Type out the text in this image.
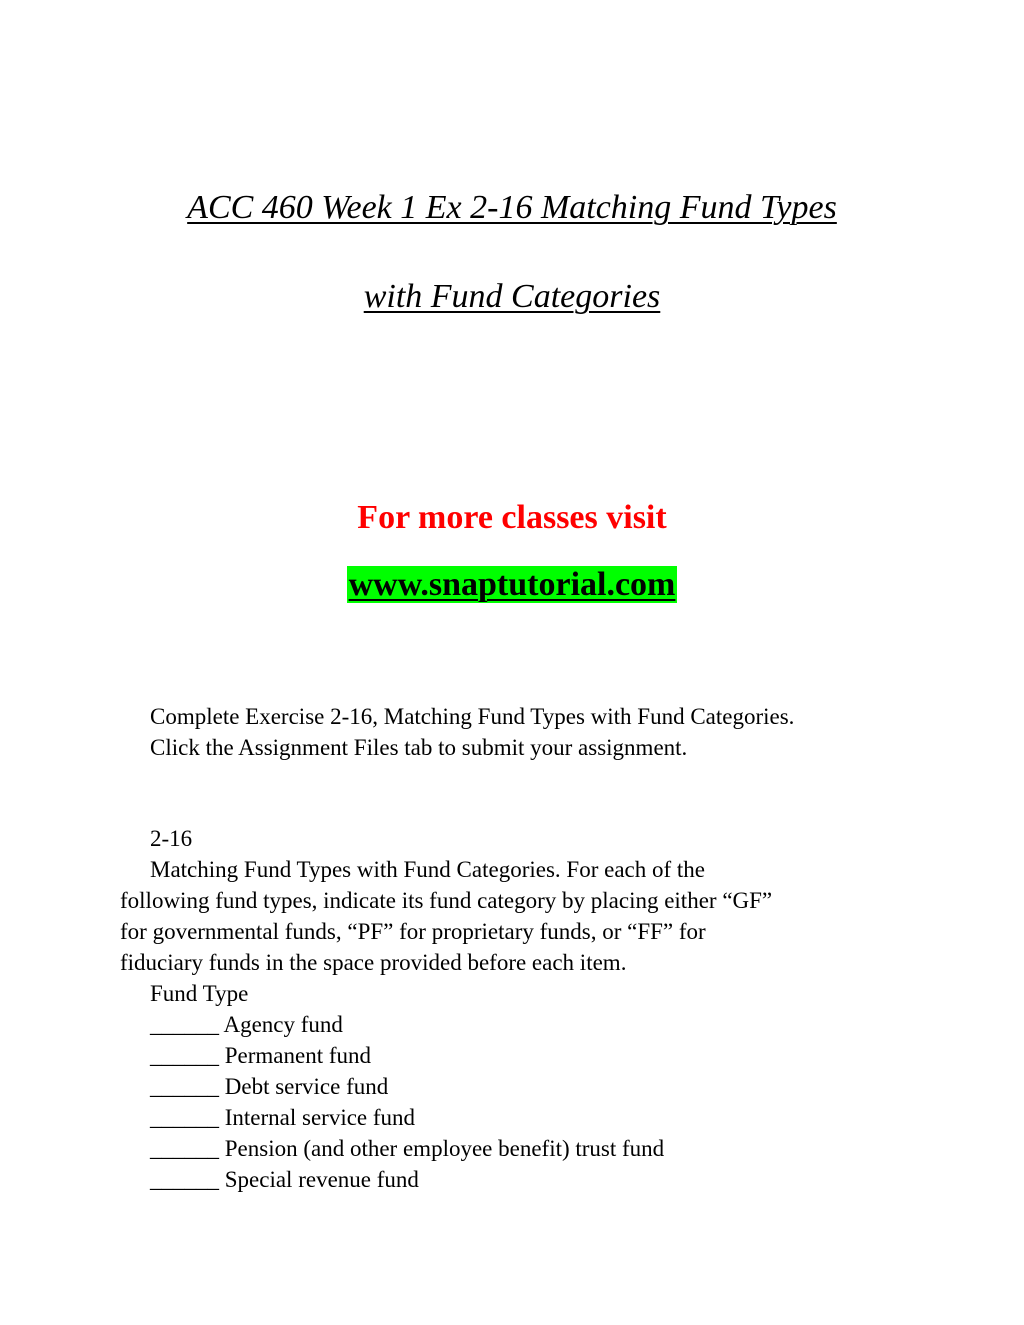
ACC 460 Week 1 Ex 2-16 Matching Fund Types
with Fund Categories
For more classes visit
www.snaptutorial.com
Complete Exercise 2-16, Matching Fund Types with Fund Categories.
Click the Assignment Files tab to submit your assignment.
2-16
Matching Fund Types with Fund Categories. For each of the
following fund types, indicate its fund category by placing either “GF”
for governmental funds, “PF” for proprietary funds, or “FF” for
fiduciary funds in the space provided before each item.
Fund Type
______ Agency fund
______ Permanent fund
______ Debt service fund
______ Internal service fund
______ Pension (and other employee benefit) trust fund
______ Special revenue fund
